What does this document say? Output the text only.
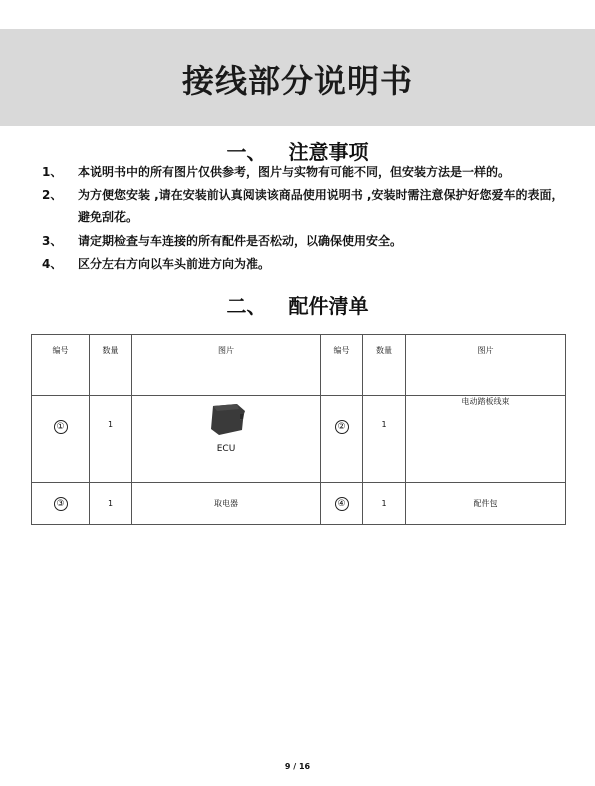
接线部分说明书
一、 注意事项
1、 本说明书中的所有图片仅供参考，图片与实物有可能不同，但安装方法是一样的。
2、 为方便您安装 ,请在安装前认真阅读该商品使用说明书 ,安装时需注意保护好您爱车的表面，
避免刮花。
3、 请定期检查与车连接的所有配件是否松动，以确保使用安全。
4、 区分左右方向以车头前进方向为准。
二、 配件清单
编号	数量	图片	编号	数量	图片
①	1	ECU	②	1	电动踏板线束
③	1	取电器	④	1	配件包
9 / 16
